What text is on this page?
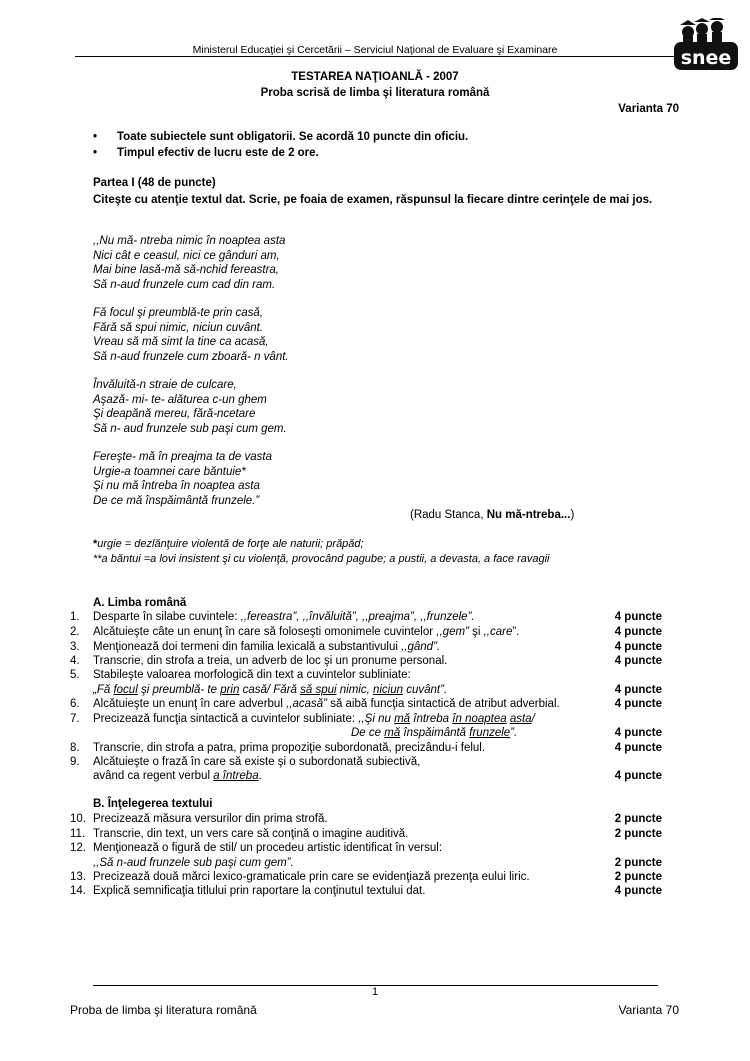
Ministerul Educaţiei şi Cercetării – Serviciul Naţional de Evaluare şi Examinare	snee
TESTAREA NAŢIOANLĂ - 2007
Proba scrisă de limba şi literatura română
Varianta 70
• Toate subiectele sunt obligatorii. Se acordă 10 puncte din oficiu.
• Timpul efectiv de lucru este de 2 ore.
Partea I (48 de puncte)
Citeşte cu atenţie textul dat. Scrie, pe foaia de examen, răspunsul la fiecare dintre cerinţele de mai jos.
,,Nu mă- ntreba nimic în noaptea asta
Nici cât e ceasul, nici ce gânduri am,
Mai bine lasă-mă să-nchid fereastra,
Să n-aud frunzele cum cad din ram.
Fă focul şi preumblă-te prin casă,
Fără să spui nimic, niciun cuvânt.
Vreau să mă simt la tine ca acasă,
Să n-aud frunzele cum zboară- n vânt.
Învăluită-n straie de culcare,
Aşază- mi- te- alăturea c-un ghem
Şi deapănă mereu, fără-ncetare
Să n- aud frunzele sub paşi cum gem.
Fereşte- mă în preajma ta de vasta
Urgie-a toamnei care băntuie*
Şi nu mă întreba în noaptea asta
De ce mă înspăimântă frunzele.”
(Radu Stanca, Nu mă-ntreba...)
*urgie = dezlănţuire violentă de forţe ale naturii; prăpăd;
**a băntui =a lovi insistent şi cu violenţă, provocând pagube; a pustii, a devasta, a face ravagii
A. Limba română
1.	Desparte în silabe cuvintele: ,,fereastra”, ,,învăluită”, ,,preajma”, ,,frunzele”.	4 puncte
2.	Alcătuieşte câte un enunţ în care să foloseşti omonimele cuvintelor ,,gem” şi ,,care”.	4 puncte
3.	Menţionează doi termeni din familia lexicală a substantivului ,,gând”.	4 puncte
4.	Transcrie, din strofa a treia, un adverb de loc şi un pronume personal.	4 puncte
5.	Stabileşte valoarea morfologică din text a cuvintelor subliniate:
„Fă focul şi preumblă- te prin casă/ Fără să spui nimic, niciun cuvânt”.	4 puncte
6.	Alcătuieşte un enunţ în care adverbul ,,acasă” să aibă funcţia sintactică de atribut adverbial.	4 puncte
7.	Precizează funcţia sintactică a cuvintelor subliniate: ,,Şi nu mă întreba în noaptea asta/
De ce mă înspăimântă frunzele”.	4 puncte
8.	Transcrie, din strofa a patra, prima propoziţie subordonată, precizându-i felul.	4 puncte
9.	Alcătuieşte o frază în care să existe şi o subordonată subiectivă,
având ca regent verbul a întreba.	4 puncte
B. Înţelegerea textului
10. Precizează măsura versurilor din prima strofă.	2 puncte
11. Transcrie, din text, un vers care să conţină o imagine auditivă.	2 puncte
12. Menţionează o figură de stil/ un procedeu artistic identificat în versul:
,,Să n-aud frunzele sub paşi cum gem”.	2 puncte
13. Precizează două mărci lexico-gramaticale prin care se evidenţiază prezenţa eului liric.	2 puncte
14. Explică semnificaţia titlului prin raportare la conţinutul textului dat.	4 puncte
1
Proba de limba şi literatura română	Varianta 70
